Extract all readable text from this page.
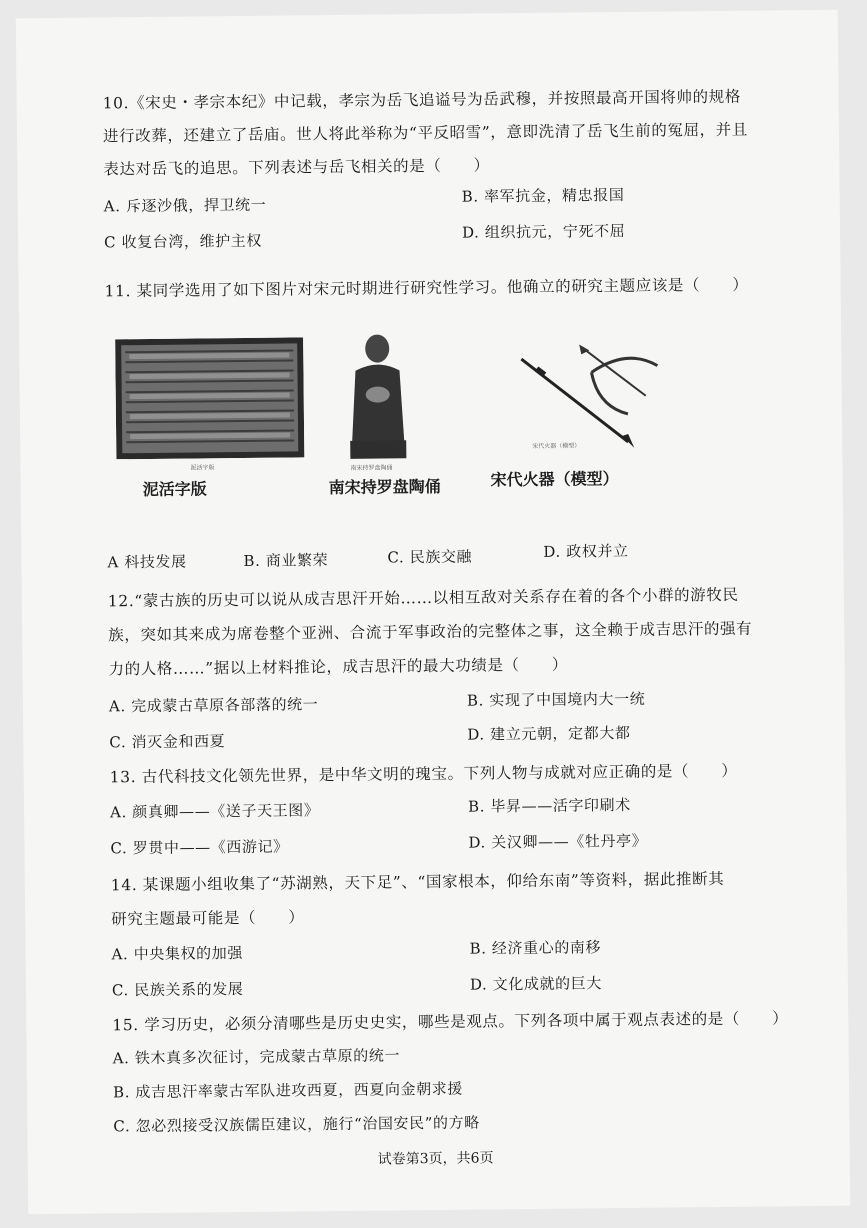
10.《宋史・孝宗本纪》中记载，孝宗为岳飞追谥号为岳武穆，并按照最高开国将帅的规格
进行改葬，还建立了岳庙。世人将此举称为“平反昭雪”，意即洗清了岳飞生前的冤屈，并且
表达对岳飞的追思。下列表述与岳飞相关的是（　　）
A. 斥逐沙俄，捍卫统一	B. 率军抗金，精忠报国
C 收复台湾，维护主权	D. 组织抗元，宁死不屈
11. 某同学选用了如下图片对宋元时期进行研究性学习。他确立的研究主题应该是（　　）
泥活字版
泥活字版
南宋持罗盘陶俑
南宋持罗盘陶俑
宋代火器（模型）
宋代火器（模型）
A 科技发展	B. 商业繁荣	C. 民族交融	D. 政权并立
12.“蒙古族的历史可以说从成吉思汗开始……以相互敌对关系存在着的各个小群的游牧民
族，突如其来成为席卷整个亚洲、合流于军事政治的完整体之事，这全赖于成吉思汗的强有
力的人格……”据以上材料推论，成吉思汗的最大功绩是（　　）
A. 完成蒙古草原各部落的统一	B. 实现了中国境内大一统
C. 消灭金和西夏	D. 建立元朝，定都大都
13. 古代科技文化领先世界，是中华文明的瑰宝。下列人物与成就对应正确的是（　　）
A. 颜真卿——《送子天王图》	B. 毕昇——活字印刷术
C. 罗贯中——《西游记》	D. 关汉卿——《牡丹亭》
14. 某课题小组收集了“苏湖熟，天下足”、“国家根本，仰给东南”等资料，据此推断其
研究主题最可能是（　　）
A. 中央集权的加强	B. 经济重心的南移
C. 民族关系的发展	D. 文化成就的巨大
15. 学习历史，必须分清哪些是历史史实，哪些是观点。下列各项中属于观点表述的是（　　）
A. 铁木真多次征讨，完成蒙古草原的统一
B. 成吉思汗率蒙古军队进攻西夏，西夏向金朝求援
C. 忽必烈接受汉族儒臣建议，施行“治国安民”的方略
试卷第3页，共6页
